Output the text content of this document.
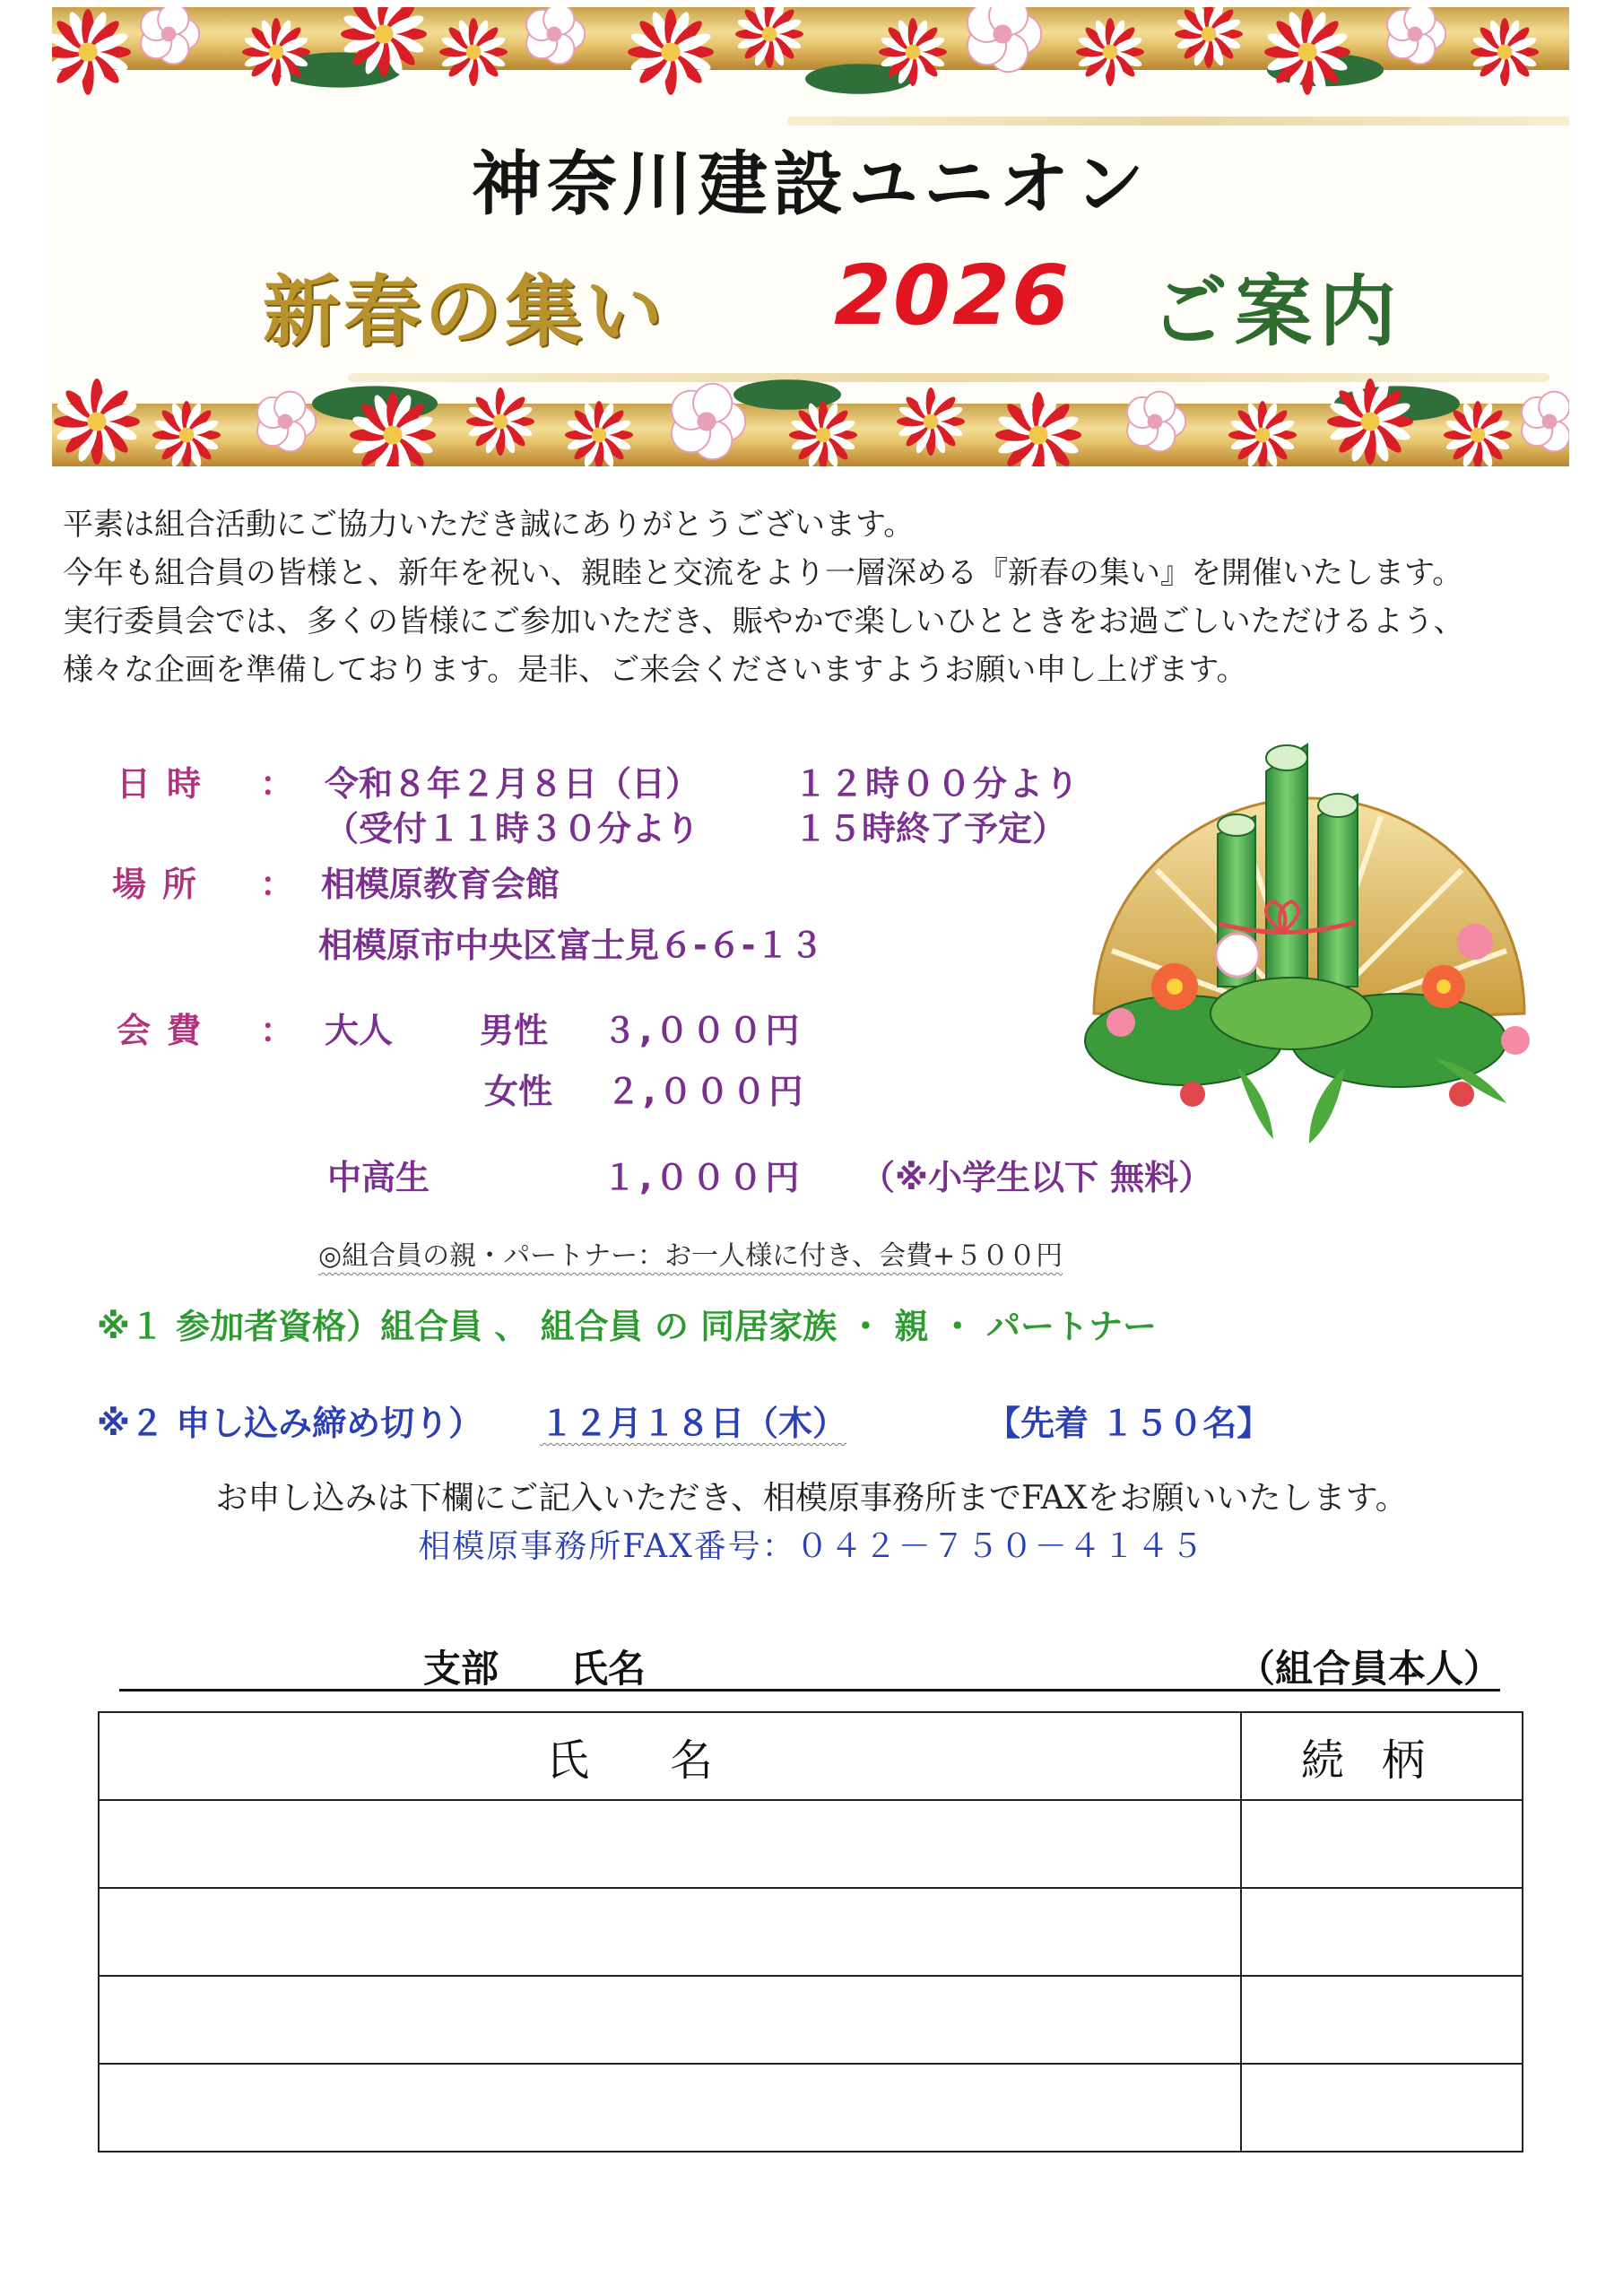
神奈川建設ユニオン
新春の集い 2026 ご案内
平素は組合活動にご協力いただき誠にありがとうございます。
今年も組合員の皆様と、新年を祝い、親睦と交流をより一層深める『新春の集い』を開催いたします。
実行委員会では、多くの皆様にご参加いただき、賑やかで楽しいひとときをお過ごしいただけるよう、
様々な企画を準備しております。是非、ご来会くださいますようお願い申し上げます。
日時 ： 令和８年２月８日（日）	１２時００分より
（受付１１時３０分より	１５時終了予定）
場所 ： 相模原教育会館
相模原市中央区富士見６-６-１３
会費 ： 大人	男性 ３,０００円
女性 ２,０００円
中高生	１,０００円 （※小学生以下 無料）
◎組合員の親・パートナー：お一人様に付き、会費+５００円
※１ 参加者資格）組合員 、 組合員 の 同居家族 ・ 親 ・ パートナー
※２ 申し込み締め切り） １２月１８日（木）	【先着 １５０名】
お申し込みは下欄にご記入いただき、相模原事務所までFAXをお願いいたします。
相模原事務所FAX番号：０４２－７５０－４１４５
支部 氏名	（組合員本人）
氏名	続柄
